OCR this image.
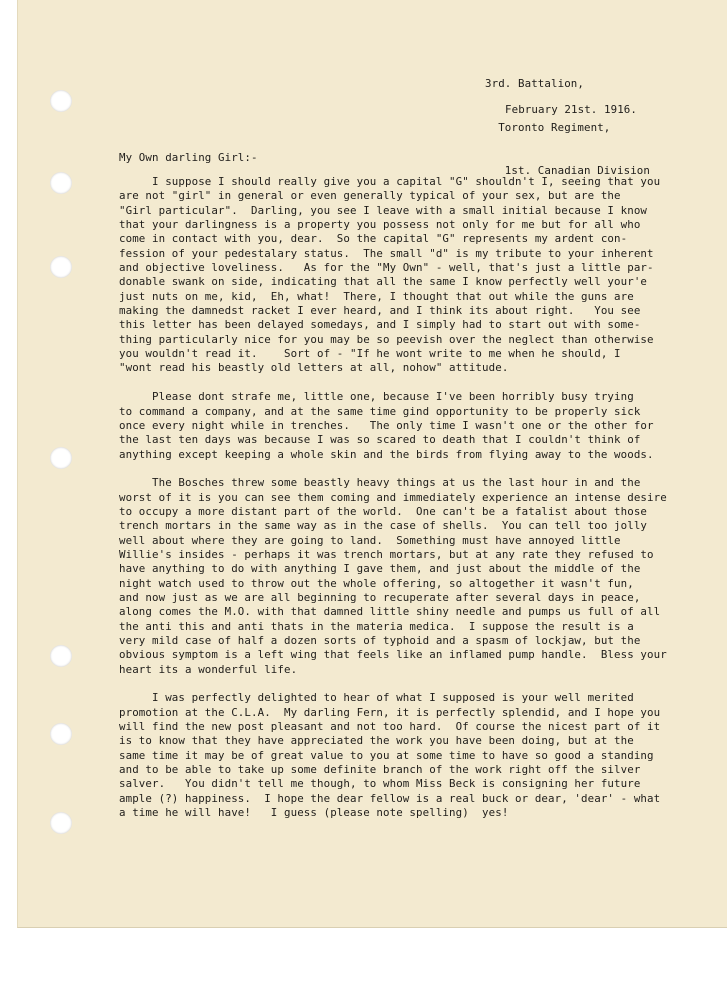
3rd. Battalion,

Toronto Regiment,

1st. Canadian Division

February 21st. 1916.
My Own darling Girl:-
I suppose I should really give you a capital "G" shouldn't I, seeing that you
are not "girl" in general or even generally typical of your sex, but are the
"Girl particular".  Darling, you see I leave with a small initial because I know
that your darlingness is a property you possess not only for me but for all who
come in contact with you, dear.  So the capital "G" represents my ardent con-
fession of your pedestalary status.  The small "d" is my tribute to your inherent
and objective loveliness.   As for the "My Own" - well, that's just a little par-
donable swank on side, indicating that all the same I know perfectly well your'e
just nuts on me, kid,  Eh, what!  There, I thought that out while the guns are
making the damnedst racket I ever heard, and I think its about right.   You see
this letter has been delayed somedays, and I simply had to start out with some-
thing particularly nice for you may be so peevish over the neglect than otherwise
you wouldn't read it.    Sort of - "If he wont write to me when he should, I
"wont read his beastly old letters at all, nohow" attitude.
Please dont strafe me, little one, because I've been horribly busy trying
to command a company, and at the same time gind opportunity to be properly sick
once every night while in trenches.   The only time I wasn't one or the other for
the last ten days was because I was so scared to death that I couldn't think of
anything except keeping a whole skin and the birds from flying away to the woods.
The Bosches threw some beastly heavy things at us the last hour in and the
worst of it is you can see them coming and immediately experience an intense desire
to occupy a more distant part of the world.  One can't be a fatalist about those
trench mortars in the same way as in the case of shells.  You can tell too jolly
well about where they are going to land.  Something must have annoyed little
Willie's insides - perhaps it was trench mortars, but at any rate they refused to
have anything to do with anything I gave them, and just about the middle of the
night watch used to throw out the whole offering, so altogether it wasn't fun,
and now just as we are all beginning to recuperate after several days in peace,
along comes the M.O. with that damned little shiny needle and pumps us full of all
the anti this and anti thats in the materia medica.  I suppose the result is a
very mild case of half a dozen sorts of typhoid and a spasm of lockjaw, but the
obvious symptom is a left wing that feels like an inflamed pump handle.  Bless your
heart its a wonderful life.
I was perfectly delighted to hear of what I supposed is your well merited
promotion at the C.L.A.  My darling Fern, it is perfectly splendid, and I hope you
will find the new post pleasant and not too hard.  Of course the nicest part of it
is to know that they have appreciated the work you have been doing, but at the
same time it may be of great value to you at some time to have so good a standing
and to be able to take up some definite branch of the work right off the silver
salver.   You didn't tell me though, to whom Miss Beck is consigning her future
ample (?) happiness.  I hope the dear fellow is a real buck or dear, 'dear' - what
a time he will have!   I guess (please note spelling)  yes!
